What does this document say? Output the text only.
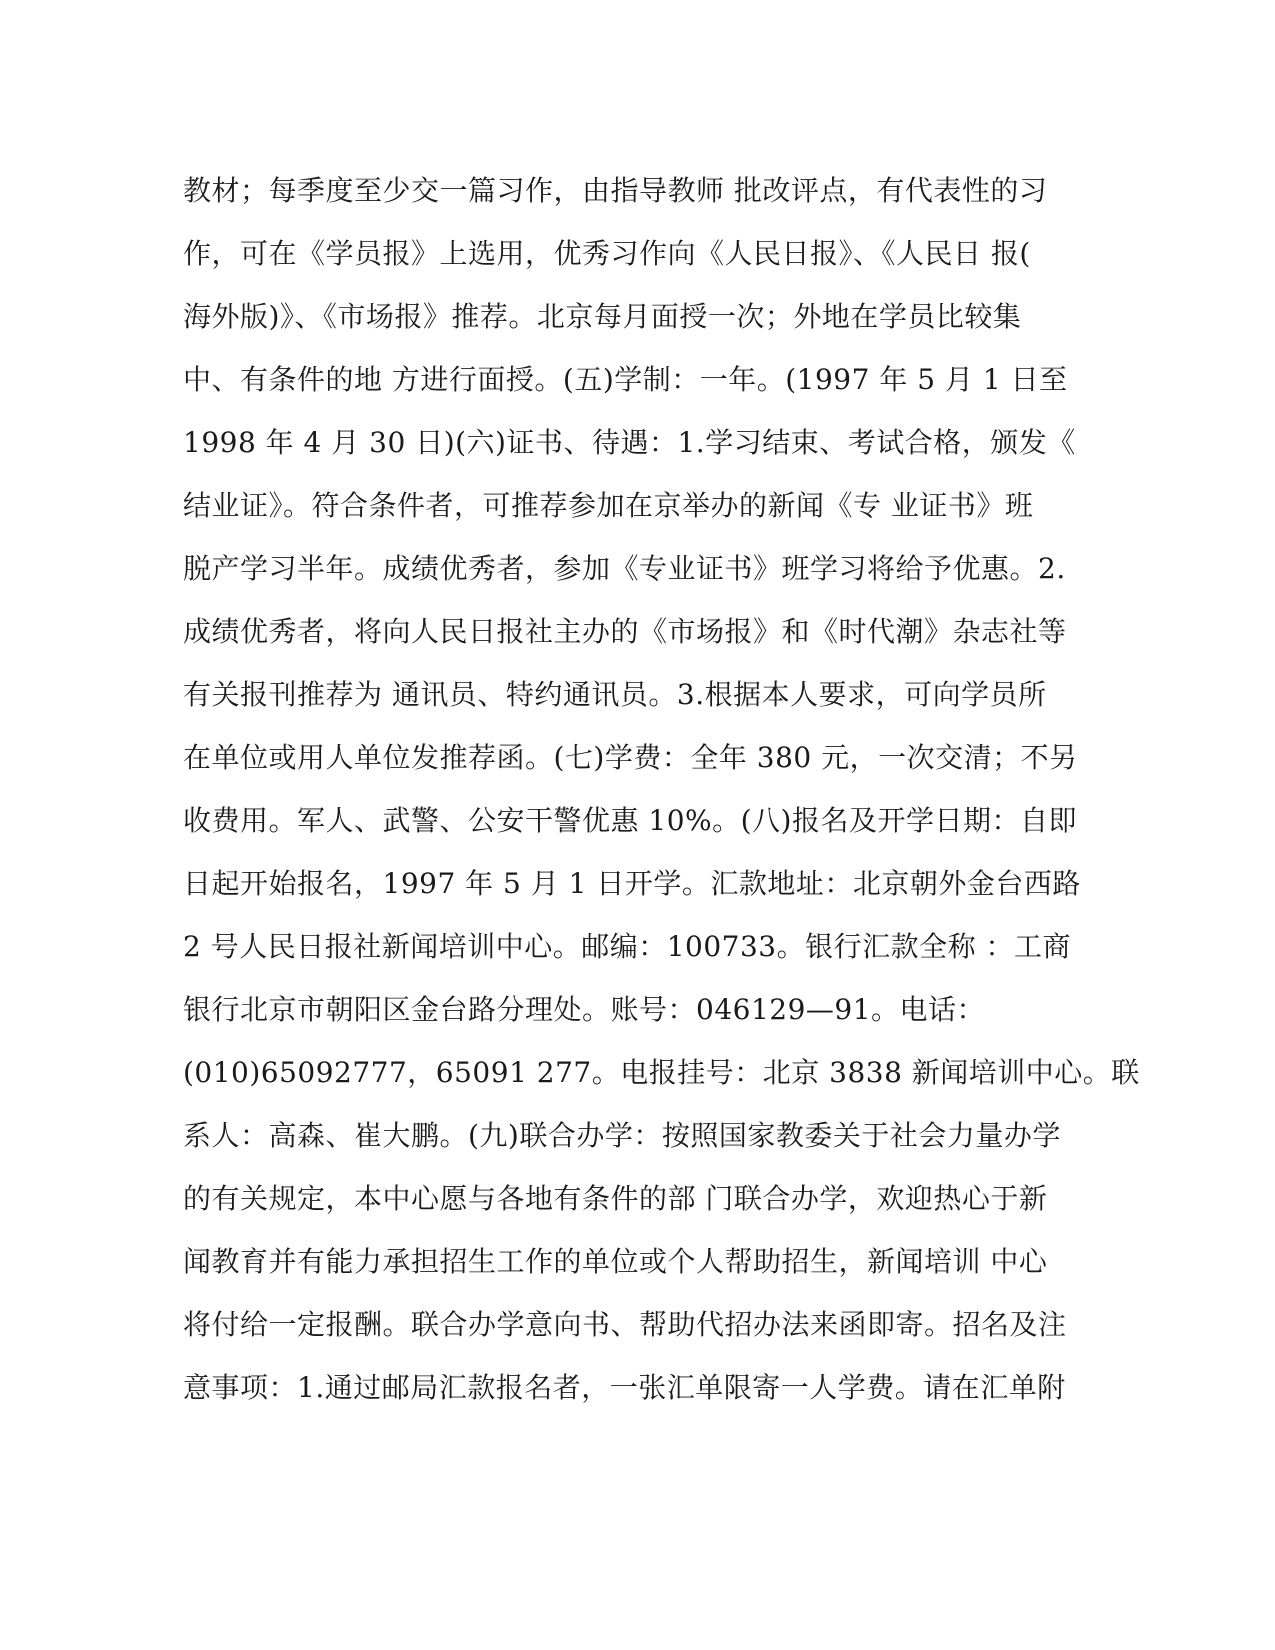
教材；每季度至少交一篇习作，由指导教师 批改评点，有代表性的习
作，可在《学员报》上选用，优秀习作向《人民日报》、《人民日 报(
海外版)》、《市场报》推荐。北京每月面授一次；外地在学员比较集
中、有条件的地 方进行面授。(五)学制：一年。(1997 年 5 月 1 日至
1998 年 4 月 30 日)(六)证书、待遇：1.学习结束、考试合格，颁发《
结业证》。符合条件者，可推荐参加在京举办的新闻《专 业证书》班
脱产学习半年。成绩优秀者，参加《专业证书》班学习将给予优惠。2.
成绩优秀者，将向人民日报社主办的《市场报》和《时代潮》杂志社等
有关报刊推荐为 通讯员、特约通讯员。3.根据本人要求，可向学员所
在单位或用人单位发推荐函。(七)学费：全年 380 元，一次交清；不另
收费用。军人、武警、公安干警优惠 10%。(八)报名及开学日期：自即
日起开始报名，1997 年 5 月 1 日开学。汇款地址：北京朝外金台西路
2 号人民日报社新闻培训中心。邮编：100733。银行汇款全称 ：工商
银行北京市朝阳区金台路分理处。账号：046129—91。电话：
(010)65092777，65091 277。电报挂号：北京 3838 新闻培训中心。联
系人：高森、崔大鹏。(九)联合办学：按照国家教委关于社会力量办学
的有关规定，本中心愿与各地有条件的部 门联合办学，欢迎热心于新
闻教育并有能力承担招生工作的单位或个人帮助招生，新闻培训 中心
将付给一定报酬。联合办学意向书、帮助代招办法来函即寄。招名及注
意事项：1.通过邮局汇款报名者，一张汇单限寄一人学费。请在汇单附
